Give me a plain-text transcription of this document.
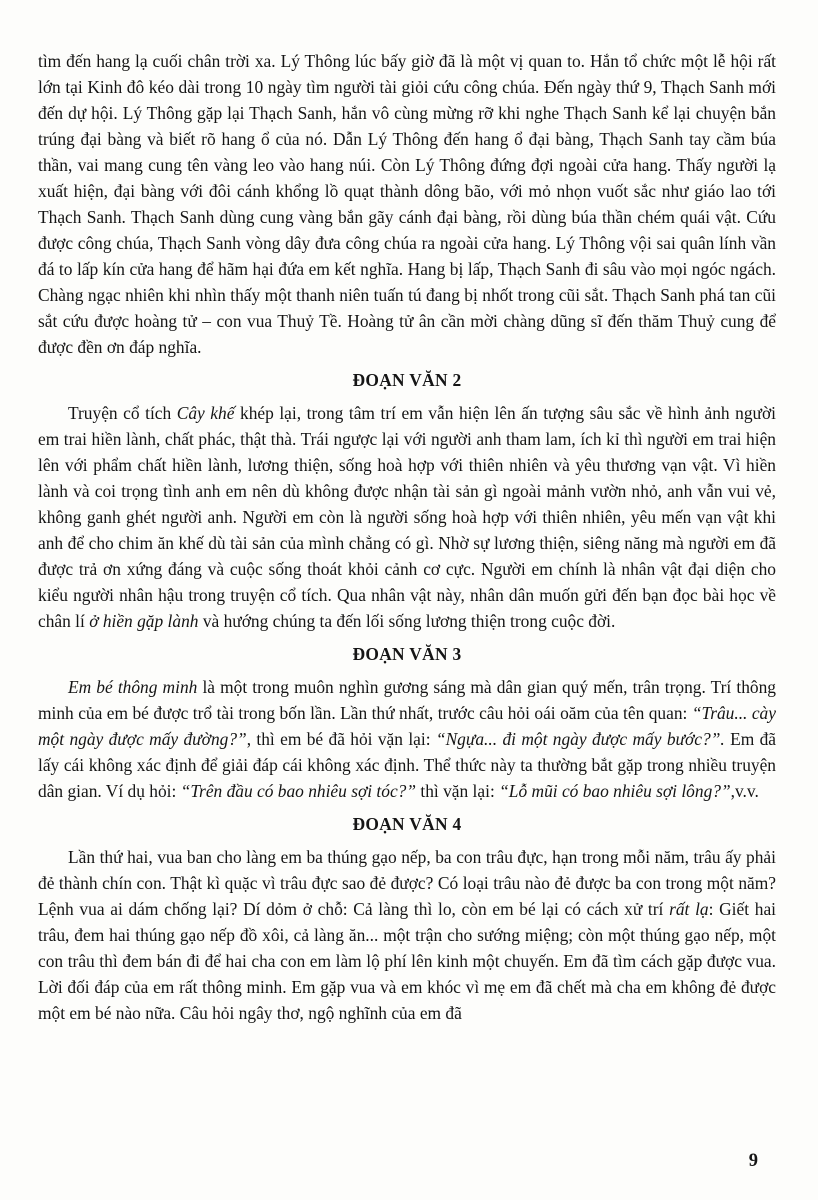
tìm đến hang lạ cuối chân trời xa. Lý Thông lúc bấy giờ đã là một vị quan to. Hắn tổ chức một lễ hội rất lớn tại Kinh đô kéo dài trong 10 ngày tìm người tài giỏi cứu công chúa. Đến ngày thứ 9, Thạch Sanh mới đến dự hội. Lý Thông gặp lại Thạch Sanh, hắn vô cùng mừng rỡ khi nghe Thạch Sanh kể lại chuyện bắn trúng đại bàng và biết rõ hang ổ của nó. Dẫn Lý Thông đến hang ổ đại bàng, Thạch Sanh tay cầm búa thần, vai mang cung tên vàng leo vào hang núi. Còn Lý Thông đứng đợi ngoài cửa hang. Thấy người lạ xuất hiện, đại bàng với đôi cánh khổng lồ quạt thành dông bão, với mỏ nhọn vuốt sắc như giáo lao tới Thạch Sanh. Thạch Sanh dùng cung vàng bắn gãy cánh đại bàng, rồi dùng búa thần chém quái vật. Cứu được công chúa, Thạch Sanh vòng dây đưa công chúa ra ngoài cửa hang. Lý Thông vội sai quân lính vần đá to lấp kín cửa hang để hãm hại đứa em kết nghĩa. Hang bị lấp, Thạch Sanh đi sâu vào mọi ngóc ngách. Chàng ngạc nhiên khi nhìn thấy một thanh niên tuấn tú đang bị nhốt trong cũi sắt. Thạch Sanh phá tan cũi sắt cứu được hoàng tử – con vua Thuỷ Tề. Hoàng tử ân cần mời chàng dũng sĩ đến thăm Thuỷ cung để được đền ơn đáp nghĩa.

ĐOẠN VĂN 2

Truyện cổ tích Cây khế khép lại, trong tâm trí em vẫn hiện lên ấn tượng sâu sắc về hình ảnh người em trai hiền lành, chất phác, thật thà. Trái ngược lại với người anh tham lam, ích kỉ thì người em trai hiện lên với phẩm chất hiền lành, lương thiện, sống hoà hợp với thiên nhiên và yêu thương vạn vật. Vì hiền lành và coi trọng tình anh em nên dù không được nhận tài sản gì ngoài mảnh vườn nhỏ, anh vẫn vui vẻ, không ganh ghét người anh. Người em còn là người sống hoà hợp với thiên nhiên, yêu mến vạn vật khi anh để cho chim ăn khế dù tài sản của mình chẳng có gì. Nhờ sự lương thiện, siêng năng mà người em đã được trả ơn xứng đáng và cuộc sống thoát khỏi cảnh cơ cực. Người em chính là nhân vật đại diện cho kiểu người nhân hậu trong truyện cổ tích. Qua nhân vật này, nhân dân muốn gửi đến bạn đọc bài học về chân lí ở hiền gặp lành và hướng chúng ta đến lối sống lương thiện trong cuộc đời.

ĐOẠN VĂN 3

Em bé thông minh là một trong muôn nghìn gương sáng mà dân gian quý mến, trân trọng. Trí thông minh của em bé được trổ tài trong bốn lần. Lần thứ nhất, trước câu hỏi oái oăm của tên quan: “Trâu... cày một ngày được mấy đường?”, thì em bé đã hỏi vặn lại: “Ngựa... đi một ngày được mấy bước?”. Em đã lấy cái không xác định để giải đáp cái không xác định. Thể thức này ta thường bắt gặp trong nhiều truyện dân gian. Ví dụ hỏi: “Trên đầu có bao nhiêu sợi tóc?” thì vặn lại: “Lỗ mũi có bao nhiêu sợi lông?”,v.v.

ĐOẠN VĂN 4

Lần thứ hai, vua ban cho làng em ba thúng gạo nếp, ba con trâu đực, hạn trong mỗi năm, trâu ấy phải đẻ thành chín con. Thật kì quặc vì trâu đực sao đẻ được? Có loại trâu nào đẻ được ba con trong một năm? Lệnh vua ai dám chống lại? Dí dỏm ở chỗ: Cả làng thì lo, còn em bé lại có cách xử trí rất lạ: Giết hai trâu, đem hai thúng gạo nếp đồ xôi, cả làng ăn... một trận cho sướng miệng; còn một thúng gạo nếp, một con trâu thì đem bán đi để hai cha con em làm lộ phí lên kinh một chuyến. Em đã tìm cách gặp được vua. Lời đối đáp của em rất thông minh. Em gặp vua và em khóc vì mẹ em đã chết mà cha em không đẻ được một em bé nào nữa. Câu hỏi ngây thơ, ngộ nghĩnh của em đã

9
